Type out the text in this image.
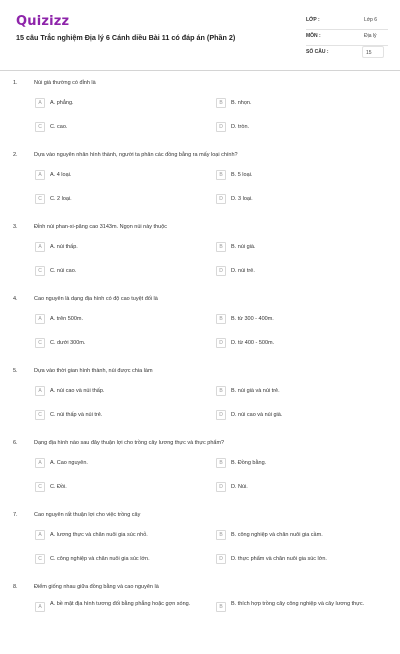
Quizizz
15 câu Trắc nghiệm Địa lý 6 Cánh diều Bài 11 có đáp án (Phần 2)
LỚP :	Lớp 6
MÔN :	Địa lý
SỐ CÂU :	15
1.	Núi già thường có đỉnh là
A	A. phẳng.	B	B. nhọn.
C	C. cao.	D	D. tròn.
2.	Dựa vào nguyên nhân hình thành, người ta phân các đồng bằng ra mấy loại chính?
A	A. 4 loại.	B	B. 5 loại.
C	C. 2 loại.	D	D. 3 loại.
3.	Đỉnh núi phan-xi-păng cao 3143m. Ngọn núi này thuộc
A	A. núi thấp.	B	B. núi già.
C	C. núi cao.	D	D. núi trẻ.
4.	Cao nguyên là dạng địa hình có độ cao tuyệt đối là
A	A. trên 500m.	B	B. từ 300 - 400m.
C	C. dưới 300m.	D	D. từ 400 - 500m.
5.	Dựa vào thời gian hình thành, núi được chia làm
A	A. núi cao và núi thấp.	B	B. núi già và núi trẻ.
C	C. núi thấp và núi trẻ.	D	D. núi cao và núi già.
6.	Dạng địa hình nào sau đây thuận lợi cho trồng cây lương thực và thực phẩm?
A	A. Cao nguyên.	B	B. Đồng bằng.
C	C. Đồi.	D	D. Núi.
7.	Cao nguyên rất thuận lợi cho việc trồng cây
A	A. lương thực và chăn nuôi gia súc nhỏ.	B	B. công nghiệp và chăn nuôi gia cầm.
C	C. công nghiệp và chăn nuôi gia súc lớn.	D	D. thực phẩm và chăn nuôi gia súc lớn.
8.	Điểm giống nhau giữa đồng bằng và cao nguyên là
A	A. bề mặt địa hình tương đối bằng phẳng hoặc gợn sóng.	B	B. thích hợp trồng cây công nghiệp và cây lương thực.
